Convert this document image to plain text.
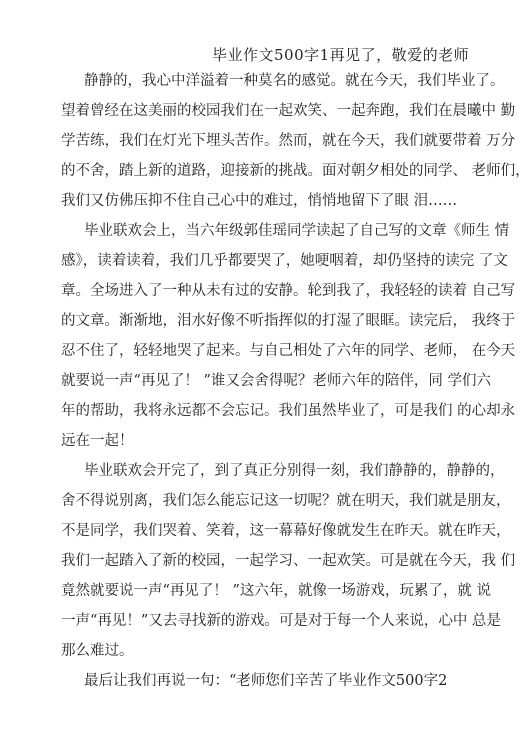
毕业作文500字1再见了，敬爱的老师
静静的，我心中洋溢着一种莫名的感觉。就在今天，我们毕业了。
望着曾经在这美丽的校园我们在一起欢笑、一起奔跑，我们在晨曦中 勤
学苦练，我们在灯光下埋头苦作。然而，就在今天，我们就要带着 万分
的不舍，踏上新的道路，迎接新的挑战。面对朝夕相处的同学、 老师们，
我们又仿佛压抑不住自己心中的难过，悄悄地留下了眼 泪……
毕业联欢会上，当六年级郭佳瑶同学读起了自己写的文章《师生 情
感》，读着读着，我们几乎都要哭了，她哽咽着，却仍坚持的读完 了文
章。全场进入了一种从未有过的安静。轮到我了，我轻轻的读着 自己写
的文章。渐渐地，泪水好像不听指挥似的打湿了眼眶。读完后， 我终于
忍不住了，轻轻地哭了起来。与自己相处了六年的同学、老师， 在今天
就要说一声“再见了！ ”谁又会舍得呢？老师六年的陪伴，同 学们六
年的帮助，我将永远都不会忘记。我们虽然毕业了，可是我们 的心却永
远在一起！
毕业联欢会开完了，到了真正分别得一刻，我们静静的，静静的，
舍不得说别离，我们怎么能忘记这一切呢？就在明天，我们就是朋友，
不是同学，我们哭着、笑着，这一幕幕好像就发生在昨天。就在昨天，
我们一起踏入了新的校园，一起学习、一起欢笑。可是就在今天，我 们
竟然就要说一声“再见了！ ”这六年，就像一场游戏，玩累了，就 说
一声“再见！”又去寻找新的游戏。可是对于每一个人来说，心中 总是
那么难过。
最后让我们再说一句：“老师您们辛苦了毕业作文500字2
